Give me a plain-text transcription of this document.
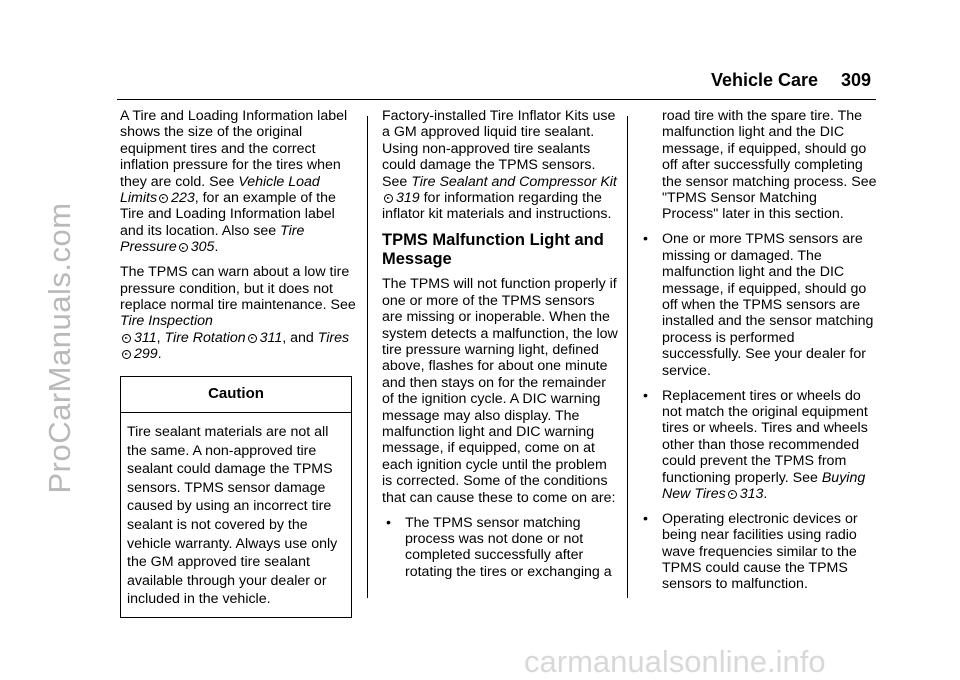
ProCarManuals.com
carmanualsonline.info
Vehicle Care 309

A Tire and Loading Information label shows the size of the original equipment tires and the correct inflation pressure for the tires when they are cold. See Vehicle Load Limits 223, for an example of the Tire and Loading Information label and its location. Also see Tire Pressure 305.

The TPMS can warn about a low tire pressure condition, but it does not replace normal tire maintenance. See Tire Inspection
311, Tire Rotation 311, and Tires299.

Caution
Tire sealant materials are not all the same. A non-approved tire sealant could damage the TPMS sensors. TPMS sensor damage caused by using an incorrect tire sealant is not covered by the vehicle warranty. Always use only the GM approved tire sealant available through your dealer or included in the vehicle.

Factory-installed Tire Inflator Kits use a GM approved liquid tire sealant. Using non-approved tire sealants could damage the TPMS sensors. See Tire Sealant and Compressor Kit319 for information regarding the inflator kit materials and instructions.

TPMS Malfunction Light and Message

The TPMS will not function properly if one or more of the TPMS sensors are missing or inoperable. When the system detects a malfunction, the low tire pressure warning light, defined above, flashes for about one minute and then stays on for the remainder of the ignition cycle. A DIC warning message may also display. The malfunction light and DIC warning message, if equipped, come on at each ignition cycle until the problem is corrected. Some of the conditions that can cause these to come on are:

• The TPMS sensor matching process was not done or not completed successfully after rotating the tires or exchanging a
road tire with the spare tire. The malfunction light and the DIC message, if equipped, should go off after successfully completing the sensor matching process. See "TPMS Sensor Matching Process" later in this section.
• One or more TPMS sensors are missing or damaged. The malfunction light and the DIC message, if equipped, should go off when the TPMS sensors are installed and the sensor matching process is performed successfully. See your dealer for service.
• Replacement tires or wheels do not match the original equipment tires or wheels. Tires and wheels other than those recommended could prevent the TPMS from functioning properly. See Buying New Tires 313.
• Operating electronic devices or being near facilities using radio wave frequencies similar to the TPMS could cause the TPMS sensors to malfunction.
